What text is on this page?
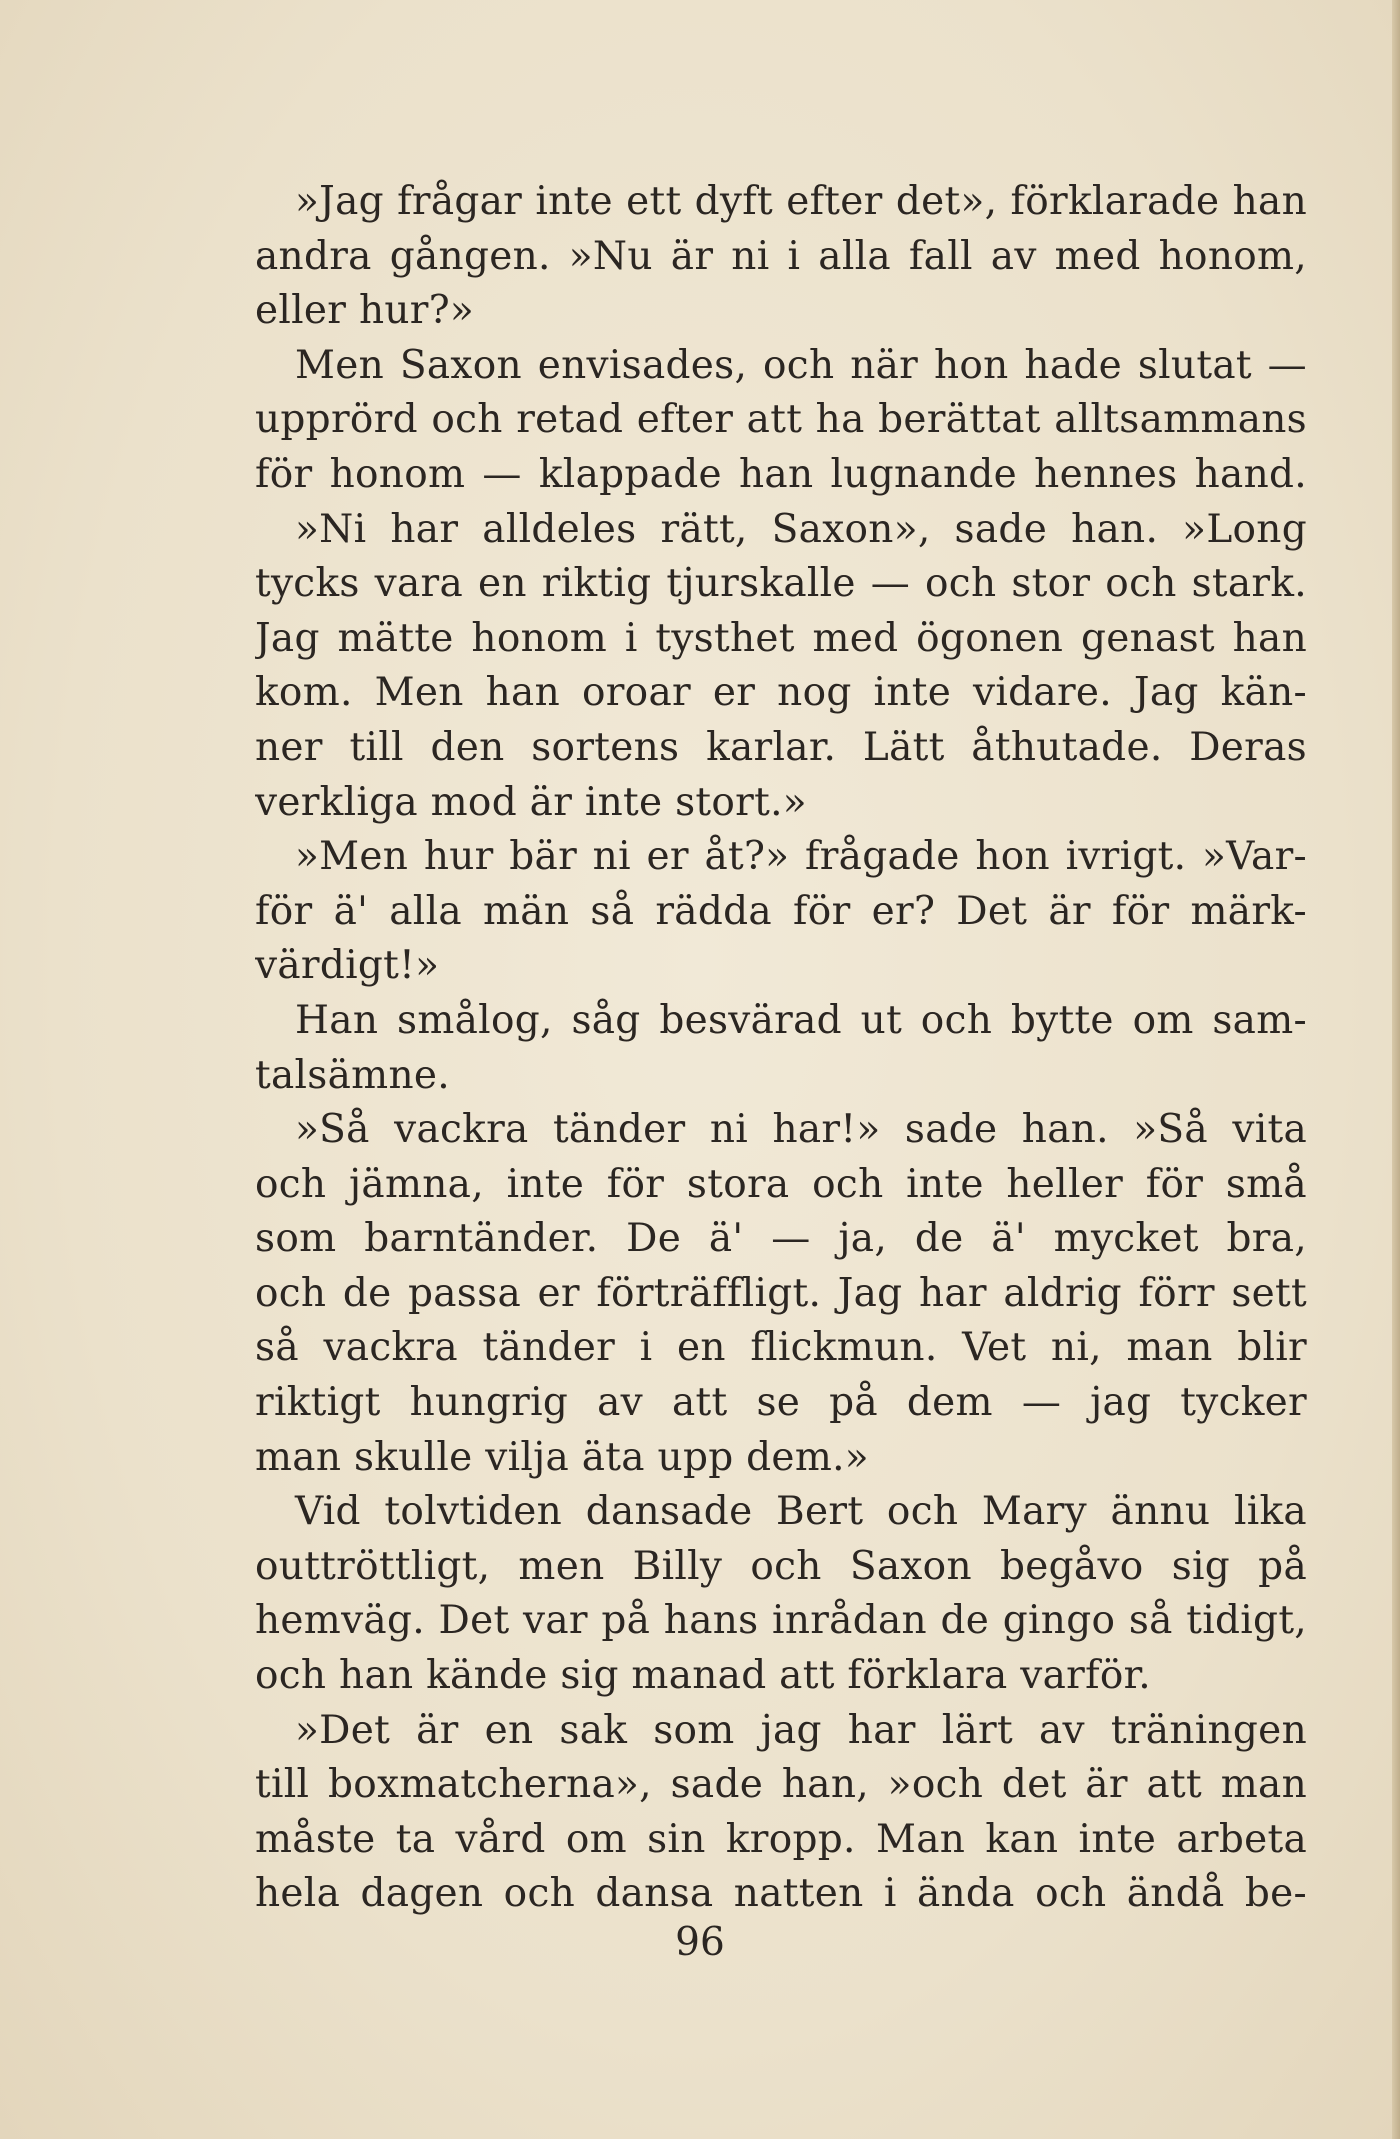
»Jag frågar inte ett dyft efter det», förklarade han
andra gången. »Nu är ni i alla fall av med honom,
eller hur?»
Men Saxon envisades, och när hon hade slutat —
upprörd och retad efter att ha berättat alltsammans
för honom — klappade han lugnande hennes hand.
»Ni har alldeles rätt, Saxon», sade han. »Long
tycks vara en riktig tjurskalle — och stor och stark.
Jag mätte honom i tysthet med ögonen genast han
kom. Men han oroar er nog inte vidare. Jag kän-
ner till den sortens karlar. Lätt åthutade. Deras
verkliga mod är inte stort.»
»Men hur bär ni er åt?» frågade hon ivrigt. »Var-
för ä' alla män så rädda för er? Det är för märk-
värdigt!»
Han smålog, såg besvärad ut och bytte om sam-
talsämne.
»Så vackra tänder ni har!» sade han. »Så vita
och jämna, inte för stora och inte heller för små
som barntänder. De ä' — ja, de ä' mycket bra,
och de passa er förträffligt. Jag har aldrig förr sett
så vackra tänder i en flickmun. Vet ni, man blir
riktigt hungrig av att se på dem — jag tycker
man skulle vilja äta upp dem.»
Vid tolvtiden dansade Bert och Mary ännu lika
outtröttligt, men Billy och Saxon begåvo sig på
hemväg. Det var på hans inrådan de gingo så tidigt,
och han kände sig manad att förklara varför.
»Det är en sak som jag har lärt av träningen
till boxmatcherna», sade han, »och det är att man
måste ta vård om sin kropp. Man kan inte arbeta
hela dagen och dansa natten i ända och ändå be-
96
